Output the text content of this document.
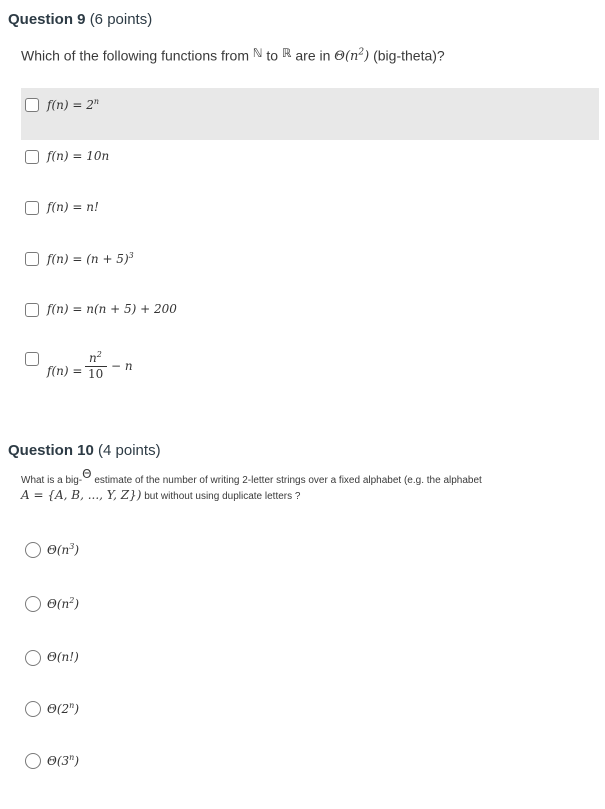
Question 9 (6 points)
Which of the following functions from ℕ to ℝ are in $\Theta(n^2)$ (big-theta)?
$f(n) = 2^n$
f(n) = 10n
f(n) = n!
$f(n) = (n + 5)^3$
f(n) = n(n + 5) + 200
f(n) =
$n^2$
10
− n
Question 10 (4 points)
What is a big-Θ estimate of the number of writing 2-letter strings over a fixed alphabet (e.g. the alphabet
A = {A, B, ..., Y, Z}) but without using duplicate letters ?
$\Theta(n^3)$
$\Theta(n^2)$
Θ(n!)
Θ(2$^n$)
Θ(3$^n$)
